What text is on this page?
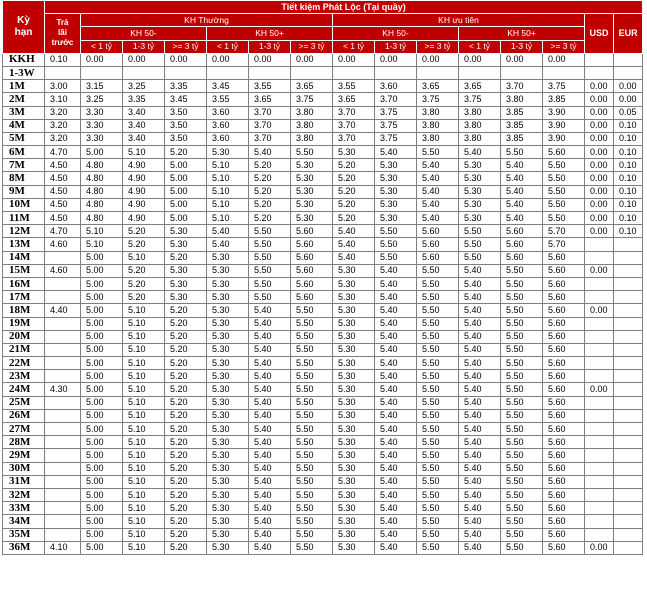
Kỳ
hạn	Tiết kiệm Phát Lộc (Tại quầy)														
	Trả
lãi
trước	KH Thường						KH ưu tiên						USD	EUR
		KH 50-			KH 50+			KH 50-			KH 50+				
		< 1 tỷ	1-3 tỷ	>= 3 tỷ	< 1 tỷ	1-3 tỷ	>= 3 tỷ	< 1 tỷ	1-3 tỷ	>= 3 tỷ	< 1 tỷ	1-3 tỷ	>= 3 tỷ		
KKH	0.10	0.00	0.00	0.00	0.00	0.00	0.00	0.00	0.00	0.00	0.00	0.00	0.00		
1-3W															
1M	3.00	3.15	3.25	3.35	3.45	3.55	3.65	3.55	3.60	3.65	3.65	3.70	3.75	0.00	0.00
2M	3.10	3.25	3.35	3.45	3.55	3.65	3.75	3.65	3.70	3.75	3.75	3.80	3.85	0.00	0.00
3M	3.20	3.30	3.40	3.50	3.60	3.70	3.80	3.70	3.75	3.80	3.80	3.85	3.90	0.00	0.05
4M	3.20	3.30	3.40	3.50	3.60	3.70	3.80	3.70	3.75	3.80	3.80	3.85	3.90	0.00	0.10
5M	3.20	3.30	3.40	3.50	3.60	3.70	3.80	3.70	3.75	3.80	3.80	3.85	3.90	0.00	0.10
6M	4.70	5.00	5.10	5.20	5.30	5.40	5.50	5.30	5.40	5.50	5.40	5.50	5.60	0.00	0.10
7M	4.50	4.80	4.90	5.00	5.10	5.20	5.30	5.20	5.30	5.40	5.30	5.40	5.50	0.00	0.10
8M	4.50	4.80	4.90	5.00	5.10	5.20	5.30	5.20	5.30	5.40	5.30	5.40	5.50	0.00	0.10
9M	4.50	4.80	4.90	5.00	5.10	5.20	5.30	5.20	5.30	5.40	5.30	5.40	5.50	0.00	0.10
10M	4.50	4.80	4.90	5.00	5.10	5.20	5.30	5.20	5.30	5.40	5.30	5.40	5.50	0.00	0.10
11M	4.50	4.80	4.90	5.00	5.10	5.20	5.30	5.20	5.30	5.40	5.30	5.40	5.50	0.00	0.10
12M	4.70	5.10	5.20	5.30	5.40	5.50	5.60	5.40	5.50	5.60	5.50	5.60	5.70	0.00	0.10
13M	4.60	5.10	5.20	5.30	5.40	5.50	5.60	5.40	5.50	5.60	5.50	5.60	5.70		
14M		5.00	5.10	5.20	5.30	5.50	5.60	5.40	5.50	5.60	5.50	5.60	5.60		
15M	4.60	5.00	5.20	5.30	5.30	5.50	5.60	5.30	5.40	5.50	5.40	5.50	5.60	0.00	
16M		5.00	5.20	5.30	5.30	5.50	5.60	5.30	5.40	5.50	5.40	5.50	5.60		
17M		5.00	5.20	5.30	5.30	5.50	5.60	5.30	5.40	5.50	5.40	5.50	5.60		
18M	4.40	5.00	5.10	5.20	5.30	5.40	5.50	5.30	5.40	5.50	5.40	5.50	5.60	0.00	
19M		5.00	5.10	5.20	5.30	5.40	5.50	5.30	5.40	5.50	5.40	5.50	5.60		
20M		5.00	5.10	5.20	5.30	5.40	5.50	5.30	5.40	5.50	5.40	5.50	5.60		
21M		5.00	5.10	5.20	5.30	5.40	5.50	5.30	5.40	5.50	5.40	5.50	5.60		
22M		5.00	5.10	5.20	5.30	5.40	5.50	5.30	5.40	5.50	5.40	5.50	5.60		
23M		5.00	5.10	5.20	5.30	5.40	5.50	5.30	5.40	5.50	5.40	5.50	5.60		
24M	4.30	5.00	5.10	5.20	5.30	5.40	5.50	5.30	5.40	5.50	5.40	5.50	5.60	0.00	
25M		5.00	5.10	5.20	5.30	5.40	5.50	5.30	5.40	5.50	5.40	5.50	5.60		
26M		5.00	5.10	5.20	5.30	5.40	5.50	5.30	5.40	5.50	5.40	5.50	5.60		
27M		5.00	5.10	5.20	5.30	5.40	5.50	5.30	5.40	5.50	5.40	5.50	5.60		
28M		5.00	5.10	5.20	5.30	5.40	5.50	5.30	5.40	5.50	5.40	5.50	5.60		
29M		5.00	5.10	5.20	5.30	5.40	5.50	5.30	5.40	5.50	5.40	5.50	5.60		
30M		5.00	5.10	5.20	5.30	5.40	5.50	5.30	5.40	5.50	5.40	5.50	5.60		
31M		5.00	5.10	5.20	5.30	5.40	5.50	5.30	5.40	5.50	5.40	5.50	5.60		
32M		5.00	5.10	5.20	5.30	5.40	5.50	5.30	5.40	5.50	5.40	5.50	5.60		
33M		5.00	5.10	5.20	5.30	5.40	5.50	5.30	5.40	5.50	5.40	5.50	5.60		
34M		5.00	5.10	5.20	5.30	5.40	5.50	5.30	5.40	5.50	5.40	5.50	5.60		
35M		5.00	5.10	5.20	5.30	5.40	5.50	5.30	5.40	5.50	5.40	5.50	5.60		
36M	4.10	5.00	5.10	5.20	5.30	5.40	5.50	5.30	5.40	5.50	5.40	5.50	5.60	0.00	
